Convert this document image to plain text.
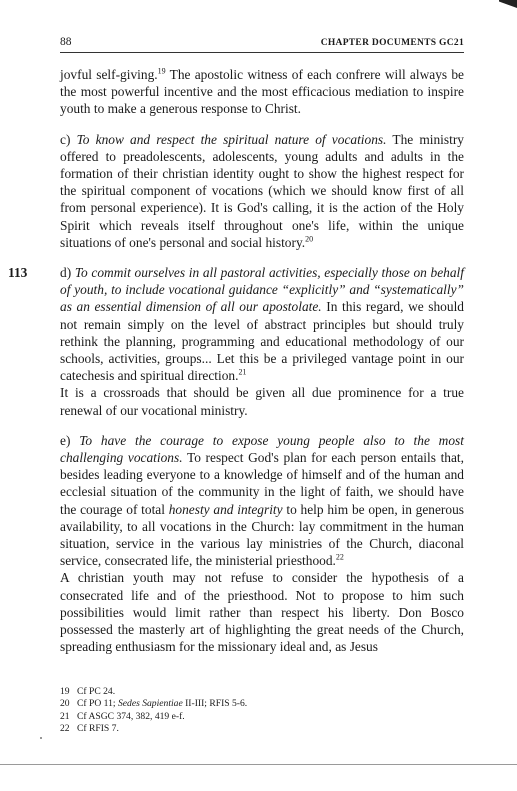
88	CHAPTER DOCUMENTS GC21

jovful self-giving.$^{19}$ The apostolic witness of each confrere will always be the most powerful incentive and the most efficacious mediation to inspire youth to make a generous response to Christ.

c) To know and respect the spiritual nature of vocations. The ministry offered to preadolescents, adolescents, young adults and adults in the formation of their christian identity ought to show the highest respect for the spiritual component of vocations (which we should know first of all from personal experience). It is God's calling, it is the action of the Holy Spirit which reveals itself throughout one's life, within the unique situations of one's personal and social history.$^{20}$

113 d) To commit ourselves in all pastoral activities, especially those on behalf of youth, to include vocational guidance “explicitly” and “systematically” as an essential dimension of all our apostolate. In this regard, we should not remain simply on the level of abstract principles but should truly rethink the planning, programming and educational methodology of our schools, activities, groups... Let this be a privileged vantage point in our catechesis and spiritual direction.$^{21}$
It is a crossroads that should be given all due prominence for a true renewal of our vocational ministry.

e) To have the courage to expose young people also to the most challenging vocations. To respect God's plan for each person entails that, besides leading everyone to a knowledge of himself and of the human and ecclesial situation of the community in the light of faith, we should have the courage of total honesty and integrity to help him be open, in generous availability, to all vocations in the Church: lay commitment in the human situation, service in the various lay ministries of the Church, diaconal service, consecrated life, the ministerial priesthood.$^{22}$

A christian youth may not refuse to consider the hypothesis of a consecrated life and of the priesthood. Not to propose to him such possibilities would limit rather than respect his liberty. Don Bosco possessed the masterly art of highlighting the great needs of the Church, spreading enthusiasm for the missionary ideal and, as Jesus

19 Cf PC 24.
20 Cf PO 11; Sedes Sapientiae II-III; RFIS 5-6.
21 Cf ASGC 374, 382, 419 e-f.
22 Cf RFIS 7.
